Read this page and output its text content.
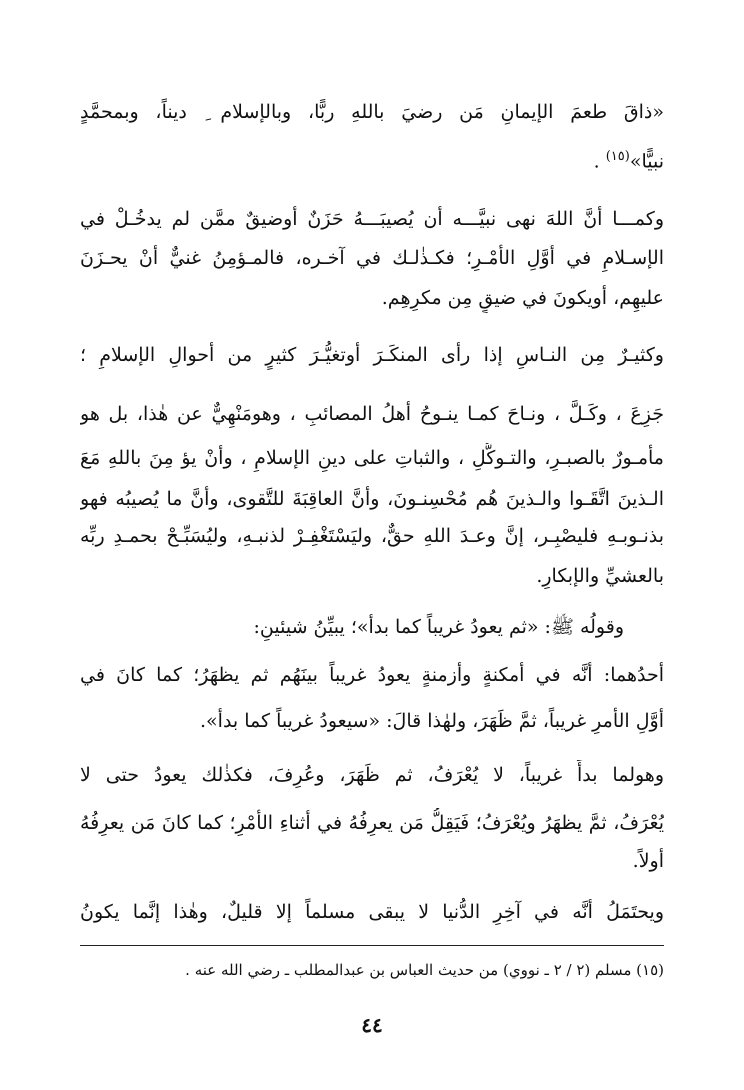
«ذاقَ طعمَ الإيمانِ مَن رضيَ باللهِ ربًّا، وبالإسلام ِ ديناً، وبمحمَّدٍ
نبيًّا»$^{(١٥)}$ .
وكمـــا أنَّ اللهَ نهى نبيَّـــه أن يُصيبَـــهُ حَزَنٌ أوضيقٌ ممَّن لم يدخُـلْ في
الإسـلامِ في أوَّلِ الأمْـرِ؛ فكـذٰلـك في آخـره، فالمـؤمِنُ غنيٌّ أنْ يحـزَنَ
عليهِم، أويكونَ في ضيقٍ مِن مكرِهِم.
وكثيـرٌ مِن النـاسِ إذا رأى المنكَـرَ أوتغيُّـرَ كثيرٍ من أحوالِ الإسلامِ ؛
جَزِعَ ، وكَـلَّ ، ونـاحَ كمـا ينـوحُ أهلُ المصائبِ ، وهومَنْهِيٌّ عن هٰذا، بل هو
مأمـورٌ بالصبـرِ، والتـوكُّلِ ، والثباتِ على دينِ الإسلامِ ، وأنْ يؤ مِنَ باللهِ مَعَ
الـذينَ اتَّقَـوا والـذينَ هُم مُحْسِنـونَ، وأنَّ العاقِبَةَ للتَّقوى، وأنَّ ما يُصيبُه فهو
بذنـوبـهِ فليصْبِـر، إنَّ وعـدَ اللهِ حقٌّ، وليَسْتَغْفِـرْ لذنبـهِ، وليُسَبِّـحْ بحمـدِ ربِّه
بالعشيِّ والإبكارِ.
وقولُه ﷺ: «ثم يعودُ غريباً كما بدأ»؛ يبيِّنُ شيئينِ:
أحدُهما: أنَّه في أمكنةٍ وأزمنةٍ يعودُ غريباً بينَهُم ثم يظهَرُ؛ كما كانَ في
أوَّلِ الأمرِ غريباً، ثمَّ ظَهَرَ، ولهٰذا قالَ: «سيعودُ غريباً كما بدأ».
وهولما بدأَ غريباً، لا يُعْرَفُ، ثم ظَهَرَ، وعُرِفَ، فكذٰلك يعودُ حتى لا
يُعْرَفُ، ثمَّ يظهَرُ ويُعْرَفُ؛ فَيَقِلُّ مَن يعرِفُهُ في أثناءِ الأمْرِ؛ كما كانَ مَن يعرِفُهُ
أولاً.
ويحتَمَلُ أنَّه في آخِرِ الدُّنيا لا يبقى مسلماً إلا قليلٌ، وهٰذا إنَّما يكونُ
(١٥) مسلم (٢ / ٢ ـ نووي) من حديث العباس بن عبدالمطلب ـ رضي الله عنه .
٤٤
